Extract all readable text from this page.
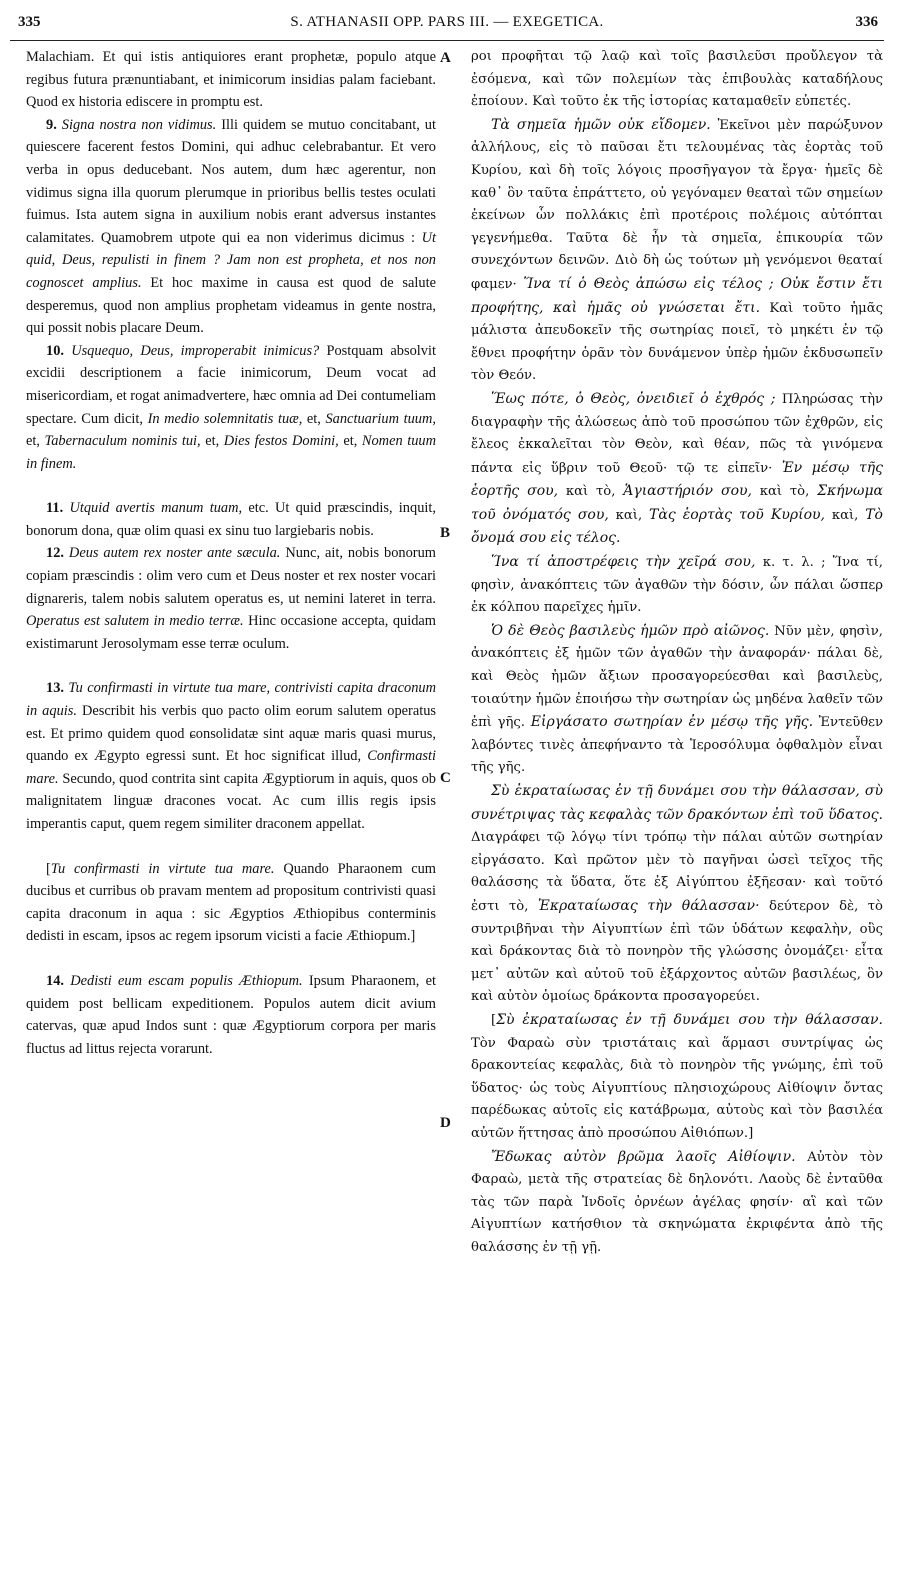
335	S. ATHANASII OPP. PARS III. — EXEGETICA.	336
A
B
C
D

Malachiam. Et qui istis antiquiores erant prophetæ, populo atque regibus futura prænuntiabant, et inimicorum insidias palam faciebant. Quod ex historia ediscere in promptu est.

9. Signa nostra non vidimus. Illi quidem se mutuo concitabant, ut quiescere facerent festos Domini, qui adhuc celebrabantur. Et vero verba in opus deducebant. Nos autem, dum hæc agerentur, non vidimus signa illa quorum plerumque in prioribus bellis testes oculati fuimus. Ista autem signa in auxilium nobis erant adversus instantes calamitates. Quamobrem utpote qui ea non viderimus dicimus : Ut quid, Deus, repulisti in finem ? Jam non est propheta, et nos non cognoscet amplius. Et hoc maxime in causa est quod de salute desperemus, quod non amplius prophetam videamus in gente nostra, qui possit nobis placare Deum.

10. Usquequo, Deus, improperabit inimicus? Postquam absolvit excidii descriptionem a facie inimicorum, Deum vocat ad misericordiam, et rogat animadvertere, hæc omnia ad Dei contumeliam spectare. Cum dicit, In medio solemnitatis tuæ, et, Sanctuarium tuum, et, Tabernaculum nominis tui, et, Dies festos Domini, et, Nomen tuum in finem.

11. Utquid avertis manum tuam, etc. Ut quid præscindis, inquit, bonorum dona, quæ olim quasi ex sinu tuo largiebaris nobis.

12. Deus autem rex noster ante sæcula. Nunc, ait, nobis bonorum copiam præscindis : olim vero cum et Deus noster et rex noster vocari dignareris, talem nobis salutem operatus es, ut nemini lateret in terra. Operatus est salutem in medio terræ. Hinc occasione accepta, quidam existimarunt Jerosolymam esse terræ oculum.

13. Tu confirmasti in virtute tua mare, contrivisti capita draconum in aquis. Describit his verbis quo pacto olim eorum salutem operatus est. Et primo quidem quod ɕonsolidatæ sint aquæ maris quasi murus, quando ex Ægypto egressi sunt. Et hoc significat illud, Confirmasti mare. Secundo, quod contrita sint capita Ægyptiorum in aquis, quos ob malignitatem linguæ dracones vocat. Ac cum illis regis ipsis imperantis caput, quem regem similiter draconem appellat.

[Tu confirmasti in virtute tua mare. Quando Pharaonem cum ducibus et curribus ob pravam mentem ad propositum contrivisti quasi capita draconum in aqua : sic Ægyptios Æthiopibus conterminis dedisti in escam, ipsos ac regem ipsorum vicisti a facie Æthiopum.]

14. Dedisti eum escam populis Æthiopum. Ipsum Pharaonem, et quidem post bellicam expeditionem. Populos autem dicit avium catervas, quæ apud Indos sunt : quæ Ægyptiorum corpora per maris fluctus ad littus rejecta vorarunt.

ροι προφῆται τῷ λαῷ καὶ τοῖς βασιλεῦσι προὔλεγον τὰ ἐσόμενα, καὶ τῶν πολεμίων τὰς ἐπιβουλὰς καταδήλους ἐποίουν. Καὶ τοῦτο ἐκ τῆς ἱστορίας καταμαθεῖν εὐπετές.

Τὰ σημεῖα ἡμῶν οὐκ εἴδομεν. Ἐκεῖνοι μὲν παρώξυνον ἀλλήλους, εἰς τὸ παῦσαι ἔτι τελουμένας τὰς ἑορτὰς τοῦ Κυρίου, καὶ δὴ τοῖς λόγοις προσῆγαγον τὰ ἔργα· ἡμεῖς δὲ καθ᾽ ὃν ταῦτα ἐπράττετο, οὐ γεγόναμεν θεαταὶ τῶν σημείων ἐκείνων ὧν πολλάκις ἐπὶ προτέροις πολέμοις αὐτόπται γεγενήμεθα. Ταῦτα δὲ ἦν τὰ σημεῖα, ἐπικουρία τῶν συνεχόντων δεινῶν. Διὸ δὴ ὡς τούτων μὴ γενόμενοι θεαταί φαμεν· Ἵνα τί ὁ Θεὸς ἀπώσω εἰς τέλος ; Οὐκ ἔστιν ἔτι προφήτης, καὶ ἡμᾶς οὐ γνώσεται ἔτι. Καὶ τοῦτο ἡμᾶς μάλιστα ἀπευδοκεῖν τῆς σωτηρίας ποιεῖ, τὸ μηκέτι ἐν τῷ ἔθνει προφήτην ὁρᾶν τὸν δυνάμενον ὑπὲρ ἡμῶν ἐκδυσωπεῖν τὸν Θεόν.

Ἕως πότε, ὁ Θεὸς, ὀνειδιεῖ ὁ ἐχθρός ; Πληρώσας τὴν διαγραφὴν τῆς ἁλώσεως ἀπὸ τοῦ προσώπου τῶν ἐχθρῶν, εἰς ἔλεος ἐκκαλεῖται τὸν Θεὸν, καὶ θέαν, πῶς τὰ γινόμενα πάντα εἰς ὕβριν τοῦ Θεοῦ· τῷ τε εἰπεῖν· Ἐν μέσῳ τῆς ἑορτῆς σου, καὶ τὸ, Ἁγιαστήριόν σου, καὶ τὸ, Σκήνωμα τοῦ ὀνόματός σου, καὶ, Τὰς ἑορτὰς τοῦ Κυρίου, καὶ, Τὸ ὄνομά σου εἰς τέλος.

Ἵνα τί ἀποστρέφεις τὴν χεῖρά σου, κ. τ. λ. ; Ἵνα τί, φησὶν, ἀνακόπτεις τῶν ἀγαθῶν τὴν δόσιν, ὧν πάλαι ὥσπερ ἐκ κόλπου παρεῖχες ἡμῖν.

Ὁ δὲ Θεὸς βασιλεὺς ἡμῶν πρὸ αἰῶνος. Νῦν μὲν, φησὶν, ἀνακόπτεις ἐξ ἡμῶν τῶν ἀγαθῶν τὴν ἀναφοράν· πάλαι δὲ, καὶ Θεὸς ἡμῶν ἄξιων προσαγορεύεσθαι καὶ βασιλεὺς, τοιαύτην ἡμῶν ἐποιήσω τὴν σωτηρίαν ὡς μηδένα λαθεῖν τῶν ἐπὶ γῆς. Εἰργάσατο σωτηρίαν ἐν μέσῳ τῆς γῆς. Ἐντεῦθεν λαβόντες τινὲς ἀπεφήναντο τὰ Ἱεροσόλυμα ὀφθαλμὸν εἶναι τῆς γῆς.

Σὺ ἐκραταίωσας ἐν τῇ δυνάμει σου τὴν θάλασσαν, σὺ συνέτριψας τὰς κεφαλὰς τῶν δρακόντων ἐπὶ τοῦ ὕδατος. Διαγράφει τῷ λόγῳ τίνι τρόπῳ τὴν πάλαι αὐτῶν σωτηρίαν εἰργάσατο. Καὶ πρῶτον μὲν τὸ παγῆναι ὡσεὶ τεῖχος τῆς θαλάσσης τὰ ὕδατα, ὅτε ἐξ Αἰγύπτου ἐξῆεσαν· καὶ τοῦτό ἐστι τὸ, Ἐκραταίωσας τὴν θάλασσαν· δεύτερον δὲ, τὸ συντριβῆναι τὴν Αἰγυπτίων ἐπὶ τῶν ὑδάτων κεφαλὴν, οὓς καὶ δράκοντας διὰ τὸ πονηρὸν τῆς γλώσσης ὀνομάζει· εἶτα μετ᾽ αὐτῶν καὶ αὐτοῦ τοῦ ἐξάρχοντος αὐτῶν βασιλέως, ὃν καὶ αὐτὸν ὁμοίως δράκοντα προσαγορεύει.

[Σὺ ἐκραταίωσας ἐν τῇ δυνάμει σου τὴν θάλασσαν. Τὸν Φαραὼ σὺν τριστάταις καὶ ἅρμασι συντρίψας ὡς δρακοντείας κεφαλὰς, διὰ τὸ πονηρὸν τῆς γνώμης, ἐπὶ τοῦ ὕδατος· ὡς τοὺς Αἰγυπτίους πλησιοχώρους Αἰθίοψιν ὄντας παρέδωκας αὐτοῖς εἰς κατάβρωμα, αὐτοὺς καὶ τὸν βασιλέα αὐτῶν ἥττησας ἀπὸ προσώπου Αἰθιόπων.]

Ἔδωκας αὐτὸν βρῶμα λαοῖς Αἰθίοψιν. Αὐτὸν τὸν Φαραὼ, μετὰ τῆς στρατείας δὲ δηλονότι. Λαοὺς δὲ ἐνταῦθα τὰς τῶν παρὰ Ἰνδοῖς ὀρνέων ἀγέλας φησίν· αἳ καὶ τῶν Αἰγυπτίων κατήσθιον τὰ σκηνώματα ἐκριφέντα ἀπὸ τῆς θαλάσσης ἐν τῇ γῇ.
